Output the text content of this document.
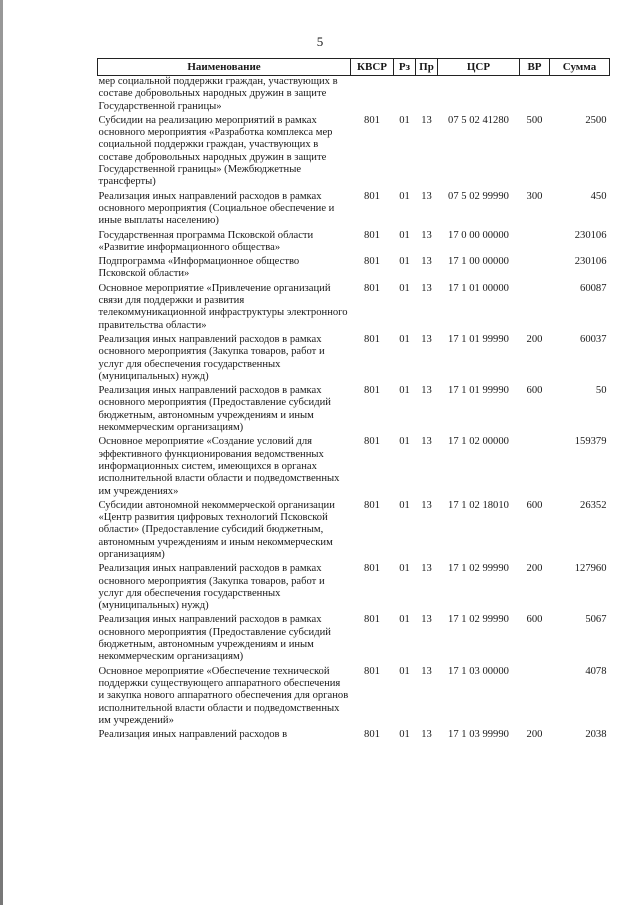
5
Наименование	КВСР	Рз	Пр	ЦСР	ВР	Сумма
мер социальной поддержки граждан, участвующих в составе добровольных народных дружин в защите Государственной границы»						
Субсидии на реализацию мероприятий в рамках основного мероприятия «Разработка комплекса мер социальной поддержки граждан, участвующих в составе добровольных народных дружин в защите Государственной границы» (Межбюджетные трансферты)	801	01	13	07 5 02 41280	500	2500
Реализация иных направлений расходов в рамках основного мероприятия (Социальное обеспечение и иные выплаты населению)	801	01	13	07 5 02 99990	300	450
Государственная программа Псковской области «Развитие информационного общества»	801	01	13	17 0 00 00000		230106
Подпрограмма «Информационное общество Псковской области»	801	01	13	17 1 00 00000		230106
Основное мероприятие «Привлечение организаций связи для поддержки и развития телекоммуникационной инфраструктуры электронного правительства области»	801	01	13	17 1 01 00000		60087
Реализация иных направлений расходов в рамках основного мероприятия (Закупка товаров, работ и услуг для обеспечения государственных (муниципальных) нужд)	801	01	13	17 1 01 99990	200	60037
Реализация иных направлений расходов в рамках основного мероприятия (Предоставление субсидий бюджетным, автономным учреждениям и иным некоммерческим организациям)	801	01	13	17 1 01 99990	600	50
Основное мероприятие «Создание условий для эффективного функционирования ведомственных информационных систем, имеющихся в органах исполнительной власти области и подведомственных им учреждениях»	801	01	13	17 1 02 00000		159379
Субсидии автономной некоммерческой организации «Центр развития цифровых технологий Псковской области» (Предоставление субсидий бюджетным, автономным учреждениям и иным некоммерческим организациям)	801	01	13	17 1 02 18010	600	26352
Реализация иных направлений расходов в рамках основного мероприятия (Закупка товаров, работ и услуг для обеспечения государственных (муниципальных) нужд)	801	01	13	17 1 02 99990	200	127960
Реализация иных направлений расходов в рамках основного мероприятия (Предоставление субсидий бюджетным, автономным учреждениям и иным некоммерческим организациям)	801	01	13	17 1 02 99990	600	5067
Основное мероприятие «Обеспечение технической поддержки существующего аппаратного обеспечения и закупка нового аппаратного обеспечения для органов исполнительной власти области и подведомственных им учреждений»	801	01	13	17 1 03 00000		4078
Реализация иных направлений расходов в	801	01	13	17 1 03 99990	200	2038
